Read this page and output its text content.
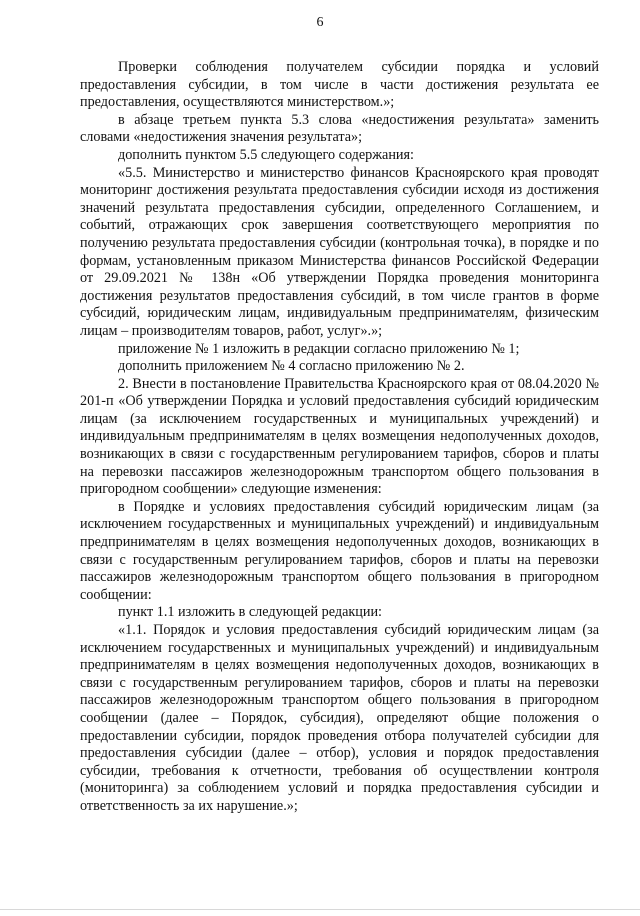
6

Проверки соблюдения получателем субсидии порядка и условий предоставления субсидии, в том числе в части достижения результата ее предоставления, осуществляются министерством.»;

в абзаце третьем пункта 5.3 слова «недостижения результата» заменить словами «недостижения значения результата»;

дополнить пунктом 5.5 следующего содержания:

«5.5. Министерство и министерство финансов Красноярского края проводят мониторинг достижения результата предоставления субсидии исходя из достижения значений результата предоставления субсидии, определенного Соглашением, и событий, отражающих срок завершения соответствующего мероприятия по получению результата предоставления субсидии (контрольная точка), в порядке и по формам, установленным приказом Министерства финансов Российской Федерации от 29.09.2021 № 138н «Об утверждении Порядка проведения мониторинга достижения результатов предоставления субсидий, в том числе грантов в форме субсидий, юридическим лицам, индивидуальным предпринимателям, физическим лицам – производителям товаров, работ, услуг».»;

приложение № 1 изложить в редакции согласно приложению № 1;

дополнить приложением № 4 согласно приложению № 2.

2. Внести в постановление Правительства Красноярского края от 08.04.2020 № 201-п «Об утверждении Порядка и условий предоставления субсидий юридическим лицам (за исключением государственных и муниципальных учреждений) и индивидуальным предпринимателям в целях возмещения недополученных доходов, возникающих в связи с государственным регулированием тарифов, сборов и платы на перевозки пассажиров железнодорожным транспортом общего пользования в пригородном сообщении» следующие изменения:

в Порядке и условиях предоставления субсидий юридическим лицам (за исключением государственных и муниципальных учреждений) и индивидуальным предпринимателям в целях возмещения недополученных доходов, возникающих в связи с государственным регулированием тарифов, сборов и платы на перевозки пассажиров железнодорожным транспортом общего пользования в пригородном сообщении:

пункт 1.1 изложить в следующей редакции:

«1.1. Порядок и условия предоставления субсидий юридическим лицам (за исключением государственных и муниципальных учреждений) и индивидуальным предпринимателям в целях возмещения недополученных доходов, возникающих в связи с государственным регулированием тарифов, сборов и платы на перевозки пассажиров железнодорожным транспортом общего пользования в пригородном сообщении (далее – Порядок, субсидия), определяют общие положения о предоставлении субсидии, порядок проведения отбора получателей субсидии для предоставления субсидии (далее – отбор), условия и порядок предоставления субсидии, требования к отчетности, требования об осуществлении контроля (мониторинга) за соблюдением условий и порядка предоставления субсидии и ответственность за их нарушение.»;
